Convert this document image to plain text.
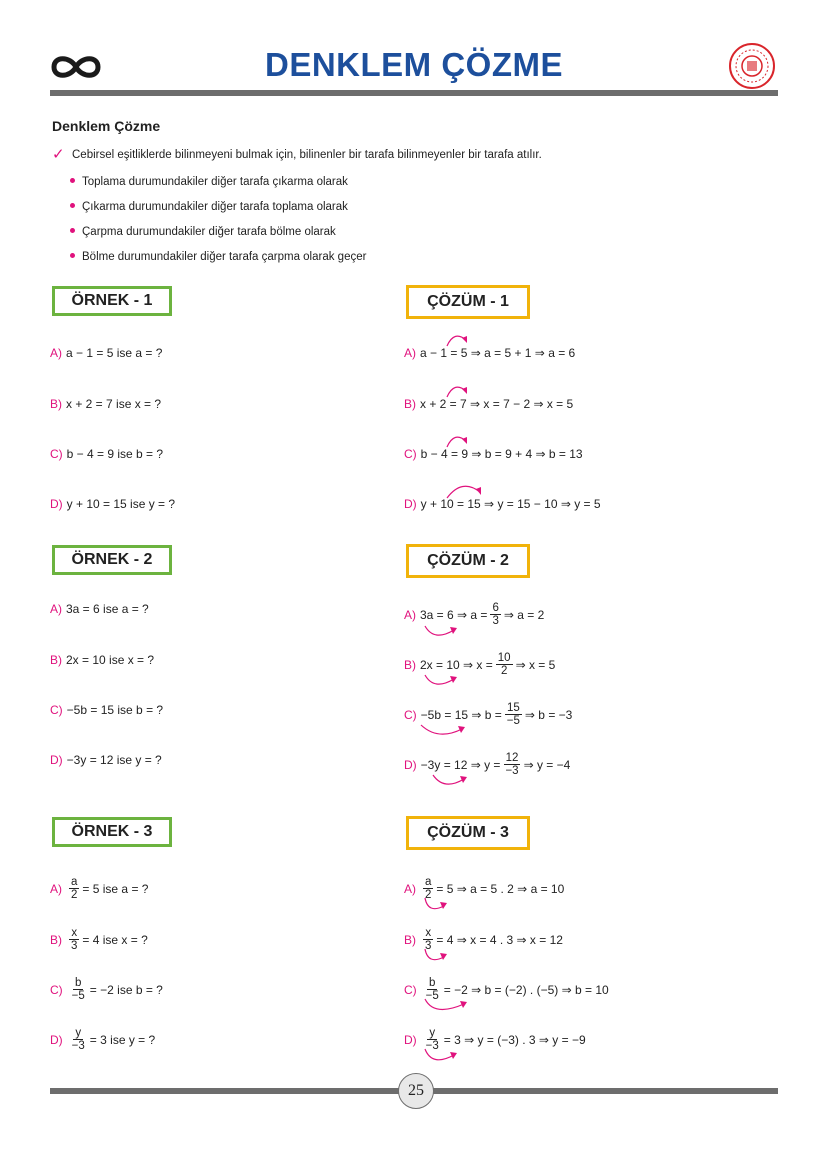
DENKLEM ÇÖZME
Denklem Çözme
✓ Cebirsel eşitliklerde bilinmeyeni bulmak için, bilinenler bir tarafa bilinmeyenler bir tarafa atılır.
Toplama durumundakiler diğer tarafa çıkarma olarak
Çıkarma durumundakiler diğer tarafa toplama olarak
Çarpma durumundakiler diğer tarafa bölme olarak
Bölme durumundakiler diğer tarafa çarpma olarak geçer
ÖRNEK - 1	ÇÖZÜM - 1
A) a − 1 = 5 ise a = ?
B) x + 2 = 7 ise x = ?
C) b − 4 = 9 ise b = ?
D) y + 10 = 15 ise y = ?
A) a − 1 = 5 ⇒ a = 5 + 1 ⇒ a = 6
B) x + 2 = 7 ⇒ x = 7 − 2 ⇒ x = 5
C) b − 4 = 9 ⇒ b = 9 + 4 ⇒ b = 13
D) y + 10 = 15 ⇒ y = 15 − 10 ⇒ y = 5
ÖRNEK - 2	ÇÖZÜM - 2
A) 3a = 6 ise a = ?
B) 2x = 10 ise x = ?
C) −5b = 15 ise b = ?
D) −3y = 12 ise y = ?
A) 3a = 6 ⇒ $a = \frac{6}{3}$ ⇒ a = 2
B) 2x = 10 ⇒ $x = \frac{10}{2}$ ⇒ x = 5
C) −5b = 15 ⇒ $b = \frac{15}{-5}$ ⇒ b = −3
D) −3y = 12 ⇒ $y = \frac{12}{-3}$ ⇒ y = −4
ÖRNEK - 3	ÇÖZÜM - 3
$A) \frac{a}{2} = 5$ ise a = ?
$B) \frac{x}{3} = 4$ ise x = ?
$C) \frac{b}{-5} = -2$ ise b = ?
$D) \frac{y}{-3} = 3$ ise y = ?
$A) \frac{a}{2} = 5$ ⇒ a = 5 . 2 ⇒ a = 10
$B) \frac{x}{3} = 4$ ⇒ x = 4 . 3 ⇒ x = 12
$C) \frac{b}{-5} = -2$ ⇒ b = (−2) . (−5) ⇒ b = 10
$D) \frac{y}{-3} = 3$ ⇒ y = (−3) . 3 ⇒ y = −9
25
